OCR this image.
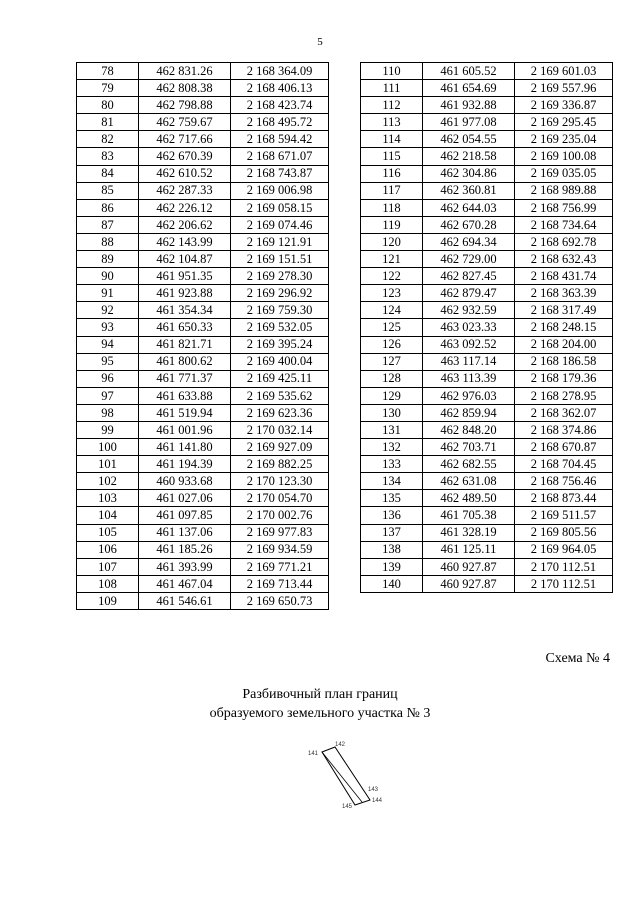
5
78	462 831.26	2 168 364.09
79	462 808.38	2 168 406.13
80	462 798.88	2 168 423.74
81	462 759.67	2 168 495.72
82	462 717.66	2 168 594.42
83	462 670.39	2 168 671.07
84	462 610.52	2 168 743.87
85	462 287.33	2 169 006.98
86	462 226.12	2 169 058.15
87	462 206.62	2 169 074.46
88	462 143.99	2 169 121.91
89	462 104.87	2 169 151.51
90	461 951.35	2 169 278.30
91	461 923.88	2 169 296.92
92	461 354.34	2 169 759.30
93	461 650.33	2 169 532.05
94	461 821.71	2 169 395.24
95	461 800.62	2 169 400.04
96	461 771.37	2 169 425.11
97	461 633.88	2 169 535.62
98	461 519.94	2 169 623.36
99	461 001.96	2 170 032.14
100	461 141.80	2 169 927.09
101	461 194.39	2 169 882.25
102	460 933.68	2 170 123.30
103	461 027.06	2 170 054.70
104	461 097.85	2 170 002.76
105	461 137.06	2 169 977.83
106	461 185.26	2 169 934.59
107	461 393.99	2 169 771.21
108	461 467.04	2 169 713.44
109	461 546.61	2 169 650.73
110	461 605.52	2 169 601.03
111	461 654.69	2 169 557.96
112	461 932.88	2 169 336.87
113	461 977.08	2 169 295.45
114	462 054.55	2 169 235.04
115	462 218.58	2 169 100.08
116	462 304.86	2 169 035.05
117	462 360.81	2 168 989.88
118	462 644.03	2 168 756.99
119	462 670.28	2 168 734.64
120	462 694.34	2 168 692.78
121	462 729.00	2 168 632.43
122	462 827.45	2 168 431.74
123	462 879.47	2 168 363.39
124	462 932.59	2 168 317.49
125	463 023.33	2 168 248.15
126	463 092.52	2 168 204.00
127	463 117.14	2 168 186.58
128	463 113.39	2 168 179.36
129	462 976.03	2 168 278.95
130	462 859.94	2 168 362.07
131	462 848.20	2 168 374.86
132	462 703.71	2 168 670.87
133	462 682.55	2 168 704.45
134	462 631.08	2 168 756.46
135	462 489.50	2 168 873.44
136	461 705.38	2 169 511.57
137	461 328.19	2 169 805.56
138	461 125.11	2 169 964.05
139	460 927.87	2 170 112.51
140	460 927.87	2 170 112.51
Схема № 4
Разбивочный план границ
образуемого земельного участка № 3
141
142
143
144
145
